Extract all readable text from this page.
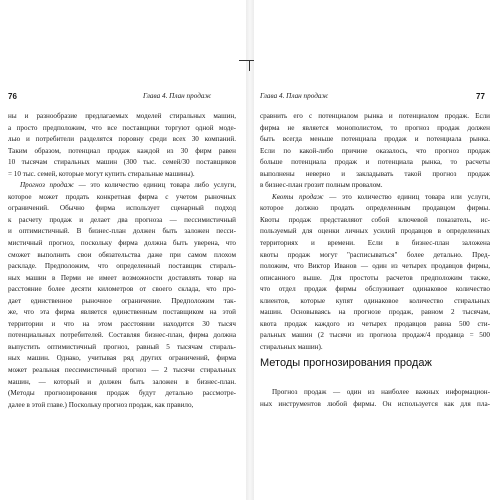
76	Глава 4. План продаж
ны и разнообразие предлагаемых моделей стиральных машин,
а просто предположим, что все поставщики торгуют одной моде-
лью и потребители разделятся поровну среди всех 30 компаний.
Таким образом, потенциал продаж каждой из 30 фирм равен
10 тысячам стиральных машин (300 тыс. семей/30 поставщиков
= 10 тыс. семей, которые могут купить стиральные машины).
Прогноз продаж — это количество единиц товара либо услуги,
которое может продать конкретная фирма с учетом рыночных
ограничений. Обычно фирма использует сценарный подход
к расчету продаж и делает два прогноза — пессимистичный
и оптимистичный. В бизнес-план должен быть заложен песси-
мистичный прогноз, поскольку фирма должна быть уверена, что
сможет выполнить свои обязательства даже при самом плохом
раскладе. Предположим, что определенный поставщик стираль-
ных машин в Перми не имеет возможности доставлять товар на
расстояние более десяти километров от своего склада, что про-
дает единственное рыночное ограничение. Предположим так-
же, что эта фирма является единственным поставщиком на этой
территории и что на этом расстоянии находится 30 тысяч
потенциальных потребителей. Составляя бизнес-план, фирма должна
выпустить оптимистичный прогноз, равный 5 тысячам стираль-
ных машин. Однако, учитывая ряд других ограничений, фирма
может реальная пессимистичный прогноз — 2 тысячи стиральных
машин, — который и должен быть заложен в бизнес-план.
(Методы прогнозирования продаж будут детально рассмотре-
далее в этой главе.) Поскольку прогноз продаж, как правило,
Глава 4. План продаж	77
сравнить его с потенциалом рынка и потенциалом продаж. Если
фирма не является монополистом, то прогноз продаж должен
быть всегда меньше потенциала продаж и потенциала рынка.
Если по какой-либо причине оказалось, что прогноз продаж
больше потенциала продаж и потенциала рынка, то расчеты
выполнены неверно и закладывать такой прогноз продаж
в бизнес-план грозит полным провалом.
Квоты продаж — это количество единиц товара или услуги,
которое должно продать определенным продавцом фирмы.
Квоты продаж представляют собой ключевой показатель, ис-
пользуемый для оценки личных усилий продавцов в определенных
территориях и времени. Если в бизнес-план заложена
квоты продаж могут "расписываться" более детально. Пред-
положим, что Виктор Иванов — один из четырех продавцов фирмы,
описанного выше. Для простоты расчетов предположим также,
что отдел продаж фирмы обслуживает одинаковое количество
клиентов, которые купят одинаковое количество стиральных
машин. Основываясь на прогнозе продаж, равном 2 тысячам,
квота продаж каждого из четырех продавцов равна 500 сти-
ральных машин (2 тысячи из прогноза продаж/4 продавца = 500
стиральных машин).
Методы прогнозирования продаж
Прогноз продаж — один из наиболее важных информацион-
ных инструментов любой фирмы. Он используется как для пла-
